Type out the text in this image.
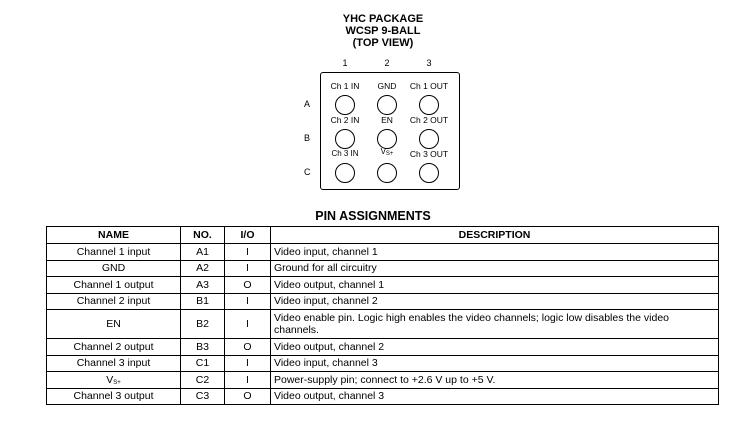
YHC PACKAGE
WCSP 9-BALL
(TOP VIEW)
1	2	3
A
B
C
Ch 1 IN	GND	Ch 1 OUT
Ch 2 IN	EN	Ch 2 OUT
Ch 3 IN	$V_{S+}$	Ch 3 OUT
PIN ASSIGNMENTS
NAME	NO.	I/O	DESCRIPTION
Channel 1 input	A1	I	Video input, channel 1
GND	A2	I	Ground for all circuitry
Channel 1 output	A3	O	Video output, channel 1
Channel 2 input	B1	I	Video input, channel 2
EN	B2	I	Video enable pin. Logic high enables the video channels; logic low disables the video channels.
Channel 2 output	B3	O	Video output, channel 2
Channel 3 input	C1	I	Video input, channel 3
$V_{S+}$	C2	I	Power-supply pin; connect to +2.6 V up to +5 V.
Channel 3 output	C3	O	Video output, channel 3
